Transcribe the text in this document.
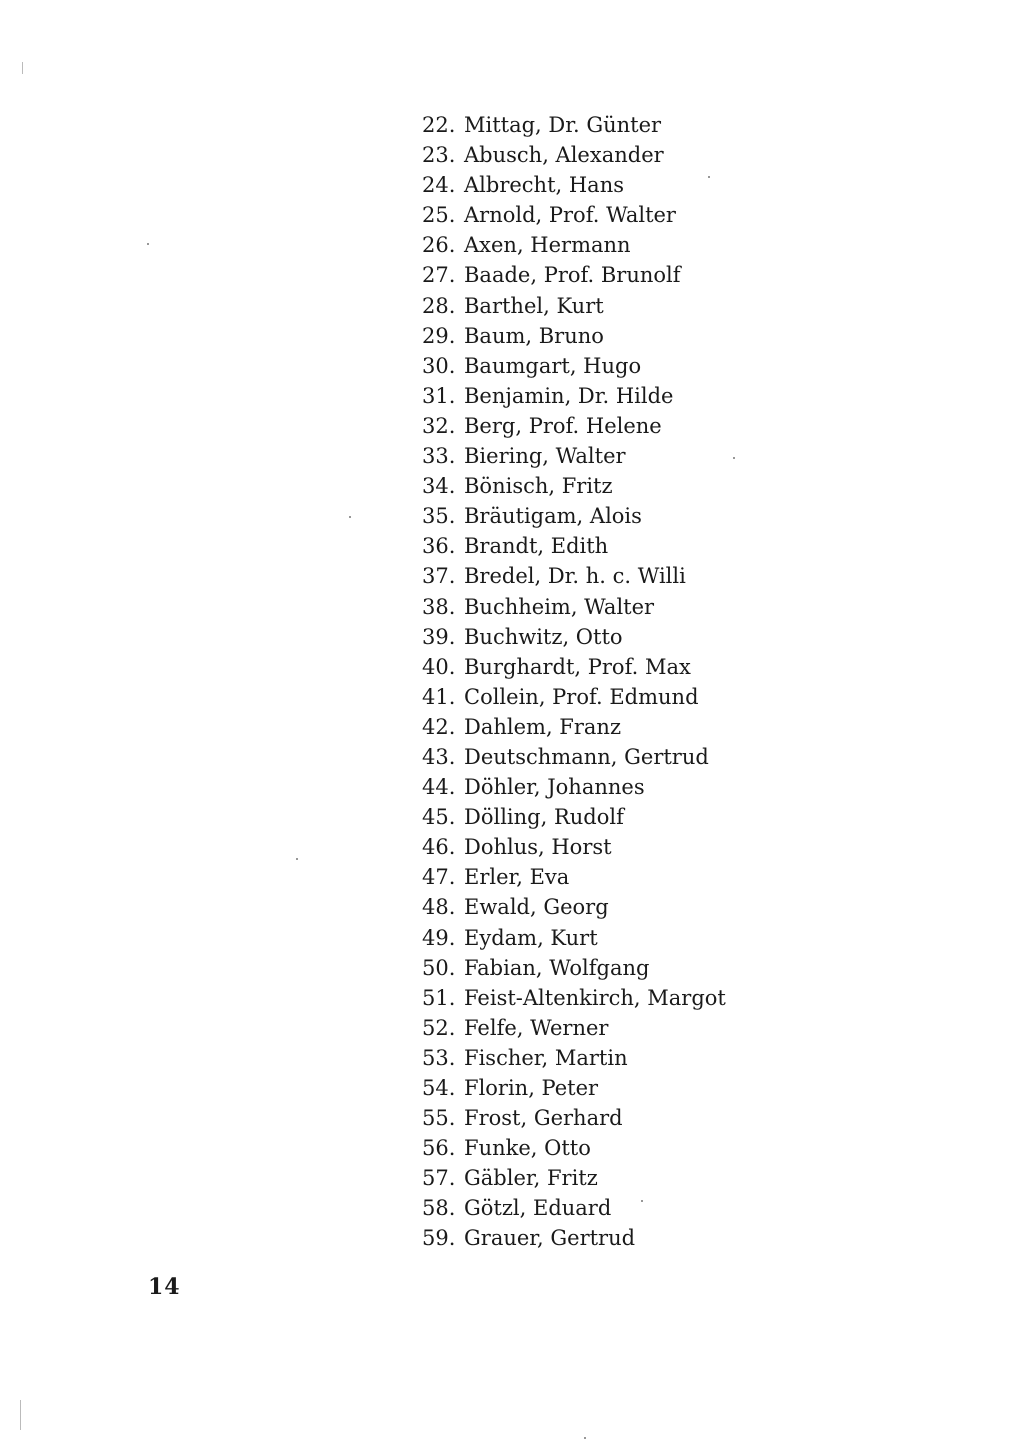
22. Mittag, Dr. Günter
23. Abusch, Alexander
24. Albrecht, Hans
25. Arnold, Prof. Walter
26. Axen, Hermann
27. Baade, Prof. Brunolf
28. Barthel, Kurt
29. Baum, Bruno
30. Baumgart, Hugo
31. Benjamin, Dr. Hilde
32. Berg, Prof. Helene
33. Biering, Walter
34. Bönisch, Fritz
35. Bräutigam, Alois
36. Brandt, Edith
37. Bredel, Dr. h. c. Willi
38. Buchheim, Walter
39. Buchwitz, Otto
40. Burghardt, Prof. Max
41. Collein, Prof. Edmund
42. Dahlem, Franz
43. Deutschmann, Gertrud
44. Döhler, Johannes
45. Dölling, Rudolf
46. Dohlus, Horst
47. Erler, Eva
48. Ewald, Georg
49. Eydam, Kurt
50. Fabian, Wolfgang
51. Feist-Altenkirch, Margot
52. Felfe, Werner
53. Fischer, Martin
54. Florin, Peter
55. Frost, Gerhard
56. Funke, Otto
57. Gäbler, Fritz
58. Götzl, Eduard
59. Grauer, Gertrud
14
